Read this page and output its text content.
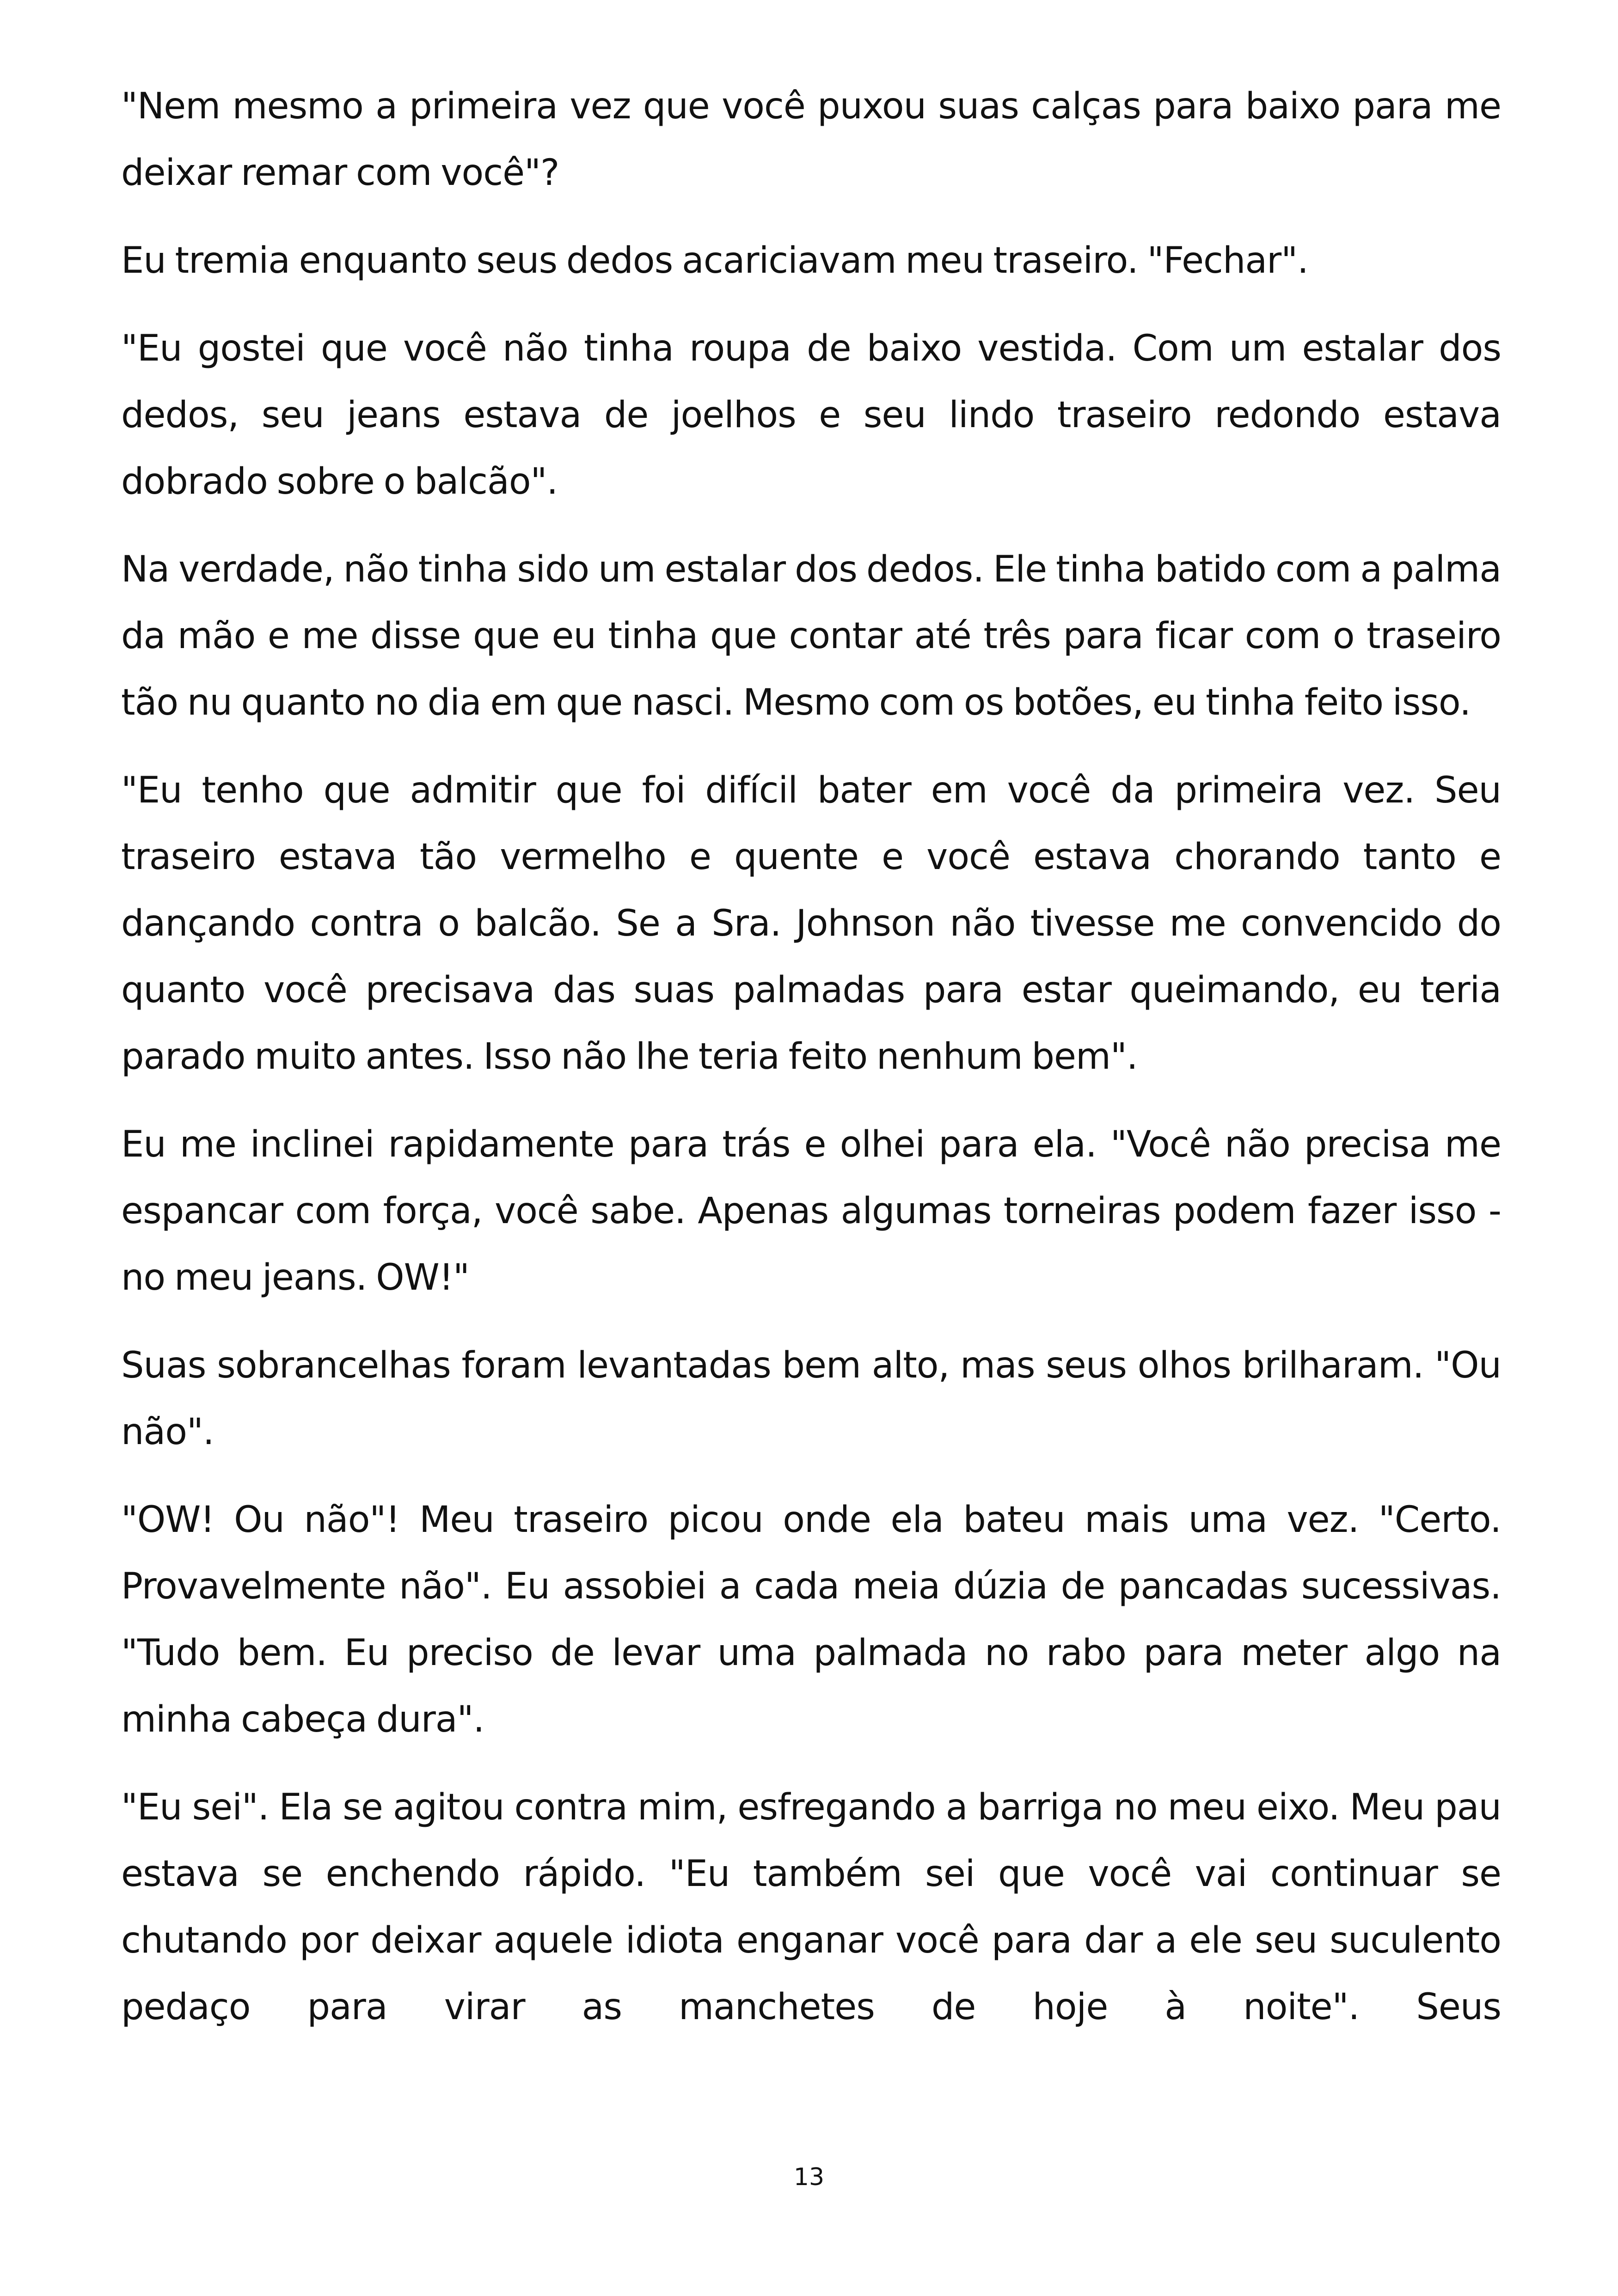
"Nem mesmo a primeira vez que você puxou suas calças para baixo para me deixar remar com você"?

Eu tremia enquanto seus dedos acariciavam meu traseiro. "Fechar".

"Eu gostei que você não tinha roupa de baixo vestida. Com um estalar dos dedos, seu jeans estava de joelhos e seu lindo traseiro redondo estava dobrado sobre o balcão".

Na verdade, não tinha sido um estalar dos dedos. Ele tinha batido com a palma da mão e me disse que eu tinha que contar até três para ficar com o traseiro tão nu quanto no dia em que nasci. Mesmo com os botões, eu tinha feito isso.

"Eu tenho que admitir que foi difícil bater em você da primeira vez. Seu traseiro estava tão vermelho e quente e você estava chorando tanto e dançando contra o balcão. Se a Sra. Johnson não tivesse me convencido do quanto você precisava das suas palmadas para estar queimando, eu teria parado muito antes. Isso não lhe teria feito nenhum bem".

Eu me inclinei rapidamente para trás e olhei para ela. "Você não precisa me espancar com força, você sabe. Apenas algumas torneiras podem fazer isso - no meu jeans. OW!"

Suas sobrancelhas foram levantadas bem alto, mas seus olhos brilharam. "Ou não".

"OW! Ou não"! Meu traseiro picou onde ela bateu mais uma vez. "Certo. Provavelmente não". Eu assobiei a cada meia dúzia de pancadas sucessivas. "Tudo bem. Eu preciso de levar uma palmada no rabo para meter algo na minha cabeça dura".

"Eu sei". Ela se agitou contra mim, esfregando a barriga no meu eixo. Meu pau estava se enchendo rápido. "Eu também sei que você vai continuar se chutando por deixar aquele idiota enganar você para dar a ele seu suculento pedaço para virar as manchetes de hoje à noite". Seus

13
